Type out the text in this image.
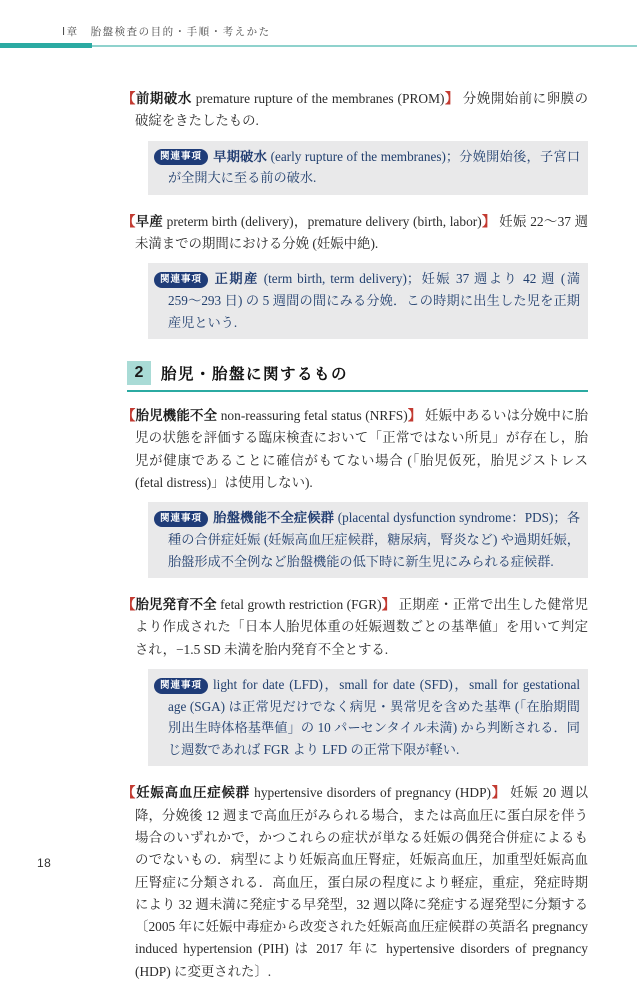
Ⅰ章　胎盤検査の目的・手順・考えかた

【前期破水 premature rupture of the membranes (PROM)】 分娩開始前に卵膜の破綻をきたしたもの.

関連事項 早期破水 (early rupture of the membranes)；分娩開始後，子宮口が全開大に至る前の破水.

【早産 preterm birth (delivery)，premature delivery (birth, labor)】 妊娠 22〜37 週未満までの期間における分娩 (妊娠中絶).

関連事項 正期産 (term birth, term delivery)；妊娠 37 週より 42 週 (満 259〜293 日) の 5 週間の間にみる分娩．この時期に出生した児を正期産児という.

2 胎児・胎盤に関するもの

【胎児機能不全 non-reassuring fetal status (NRFS)】 妊娠中あるいは分娩中に胎児の状態を評価する臨床検査において「正常ではない所見」が存在し，胎児が健康であることに確信がもてない場合 (「胎児仮死，胎児ジストレス (fetal distress)」は使用しない).

関連事項 胎盤機能不全症候群 (placental dysfunction syndrome：PDS)；各種の合併症妊娠 (妊娠高血圧症候群，糖尿病，腎炎など) や過期妊娠，胎盤形成不全例など胎盤機能の低下時に新生児にみられる症候群.

【胎児発育不全 fetal growth restriction (FGR)】 正期産・正常で出生した健常児より作成された「日本人胎児体重の妊娠週数ごとの基準値」を用いて判定され，−1.5 SD 未満を胎内発育不全とする.

関連事項 light for date (LFD)，small for date (SFD)，small for gestational age (SGA) は正常児だけでなく病児・異常児を含めた基準 (「在胎期間別出生時体格基準値」の 10 パーセンタイル未満) から判断される．同じ週数であれば FGR より LFD の正常下限が軽い.

【妊娠高血圧症候群 hypertensive disorders of pregnancy (HDP)】 妊娠 20 週以降，分娩後 12 週まで高血圧がみられる場合，または高血圧に蛋白尿を伴う場合のいずれかで，かつこれらの症状が単なる妊娠の偶発合併症によるものでないもの．病型により妊娠高血圧腎症，妊娠高血圧，加重型妊娠高血圧腎症に分類される．高血圧，蛋白尿の程度により軽症，重症，発症時期により 32 週未満に発症する早発型，32 週以降に発症する遅発型に分類する〔2005 年に妊娠中毒症から改変された妊娠高血圧症候群の英語名 pregnancy induced hypertension (PIH) は 2017 年に hypertensive disorders of pregnancy (HDP) に変更された〕.

18
